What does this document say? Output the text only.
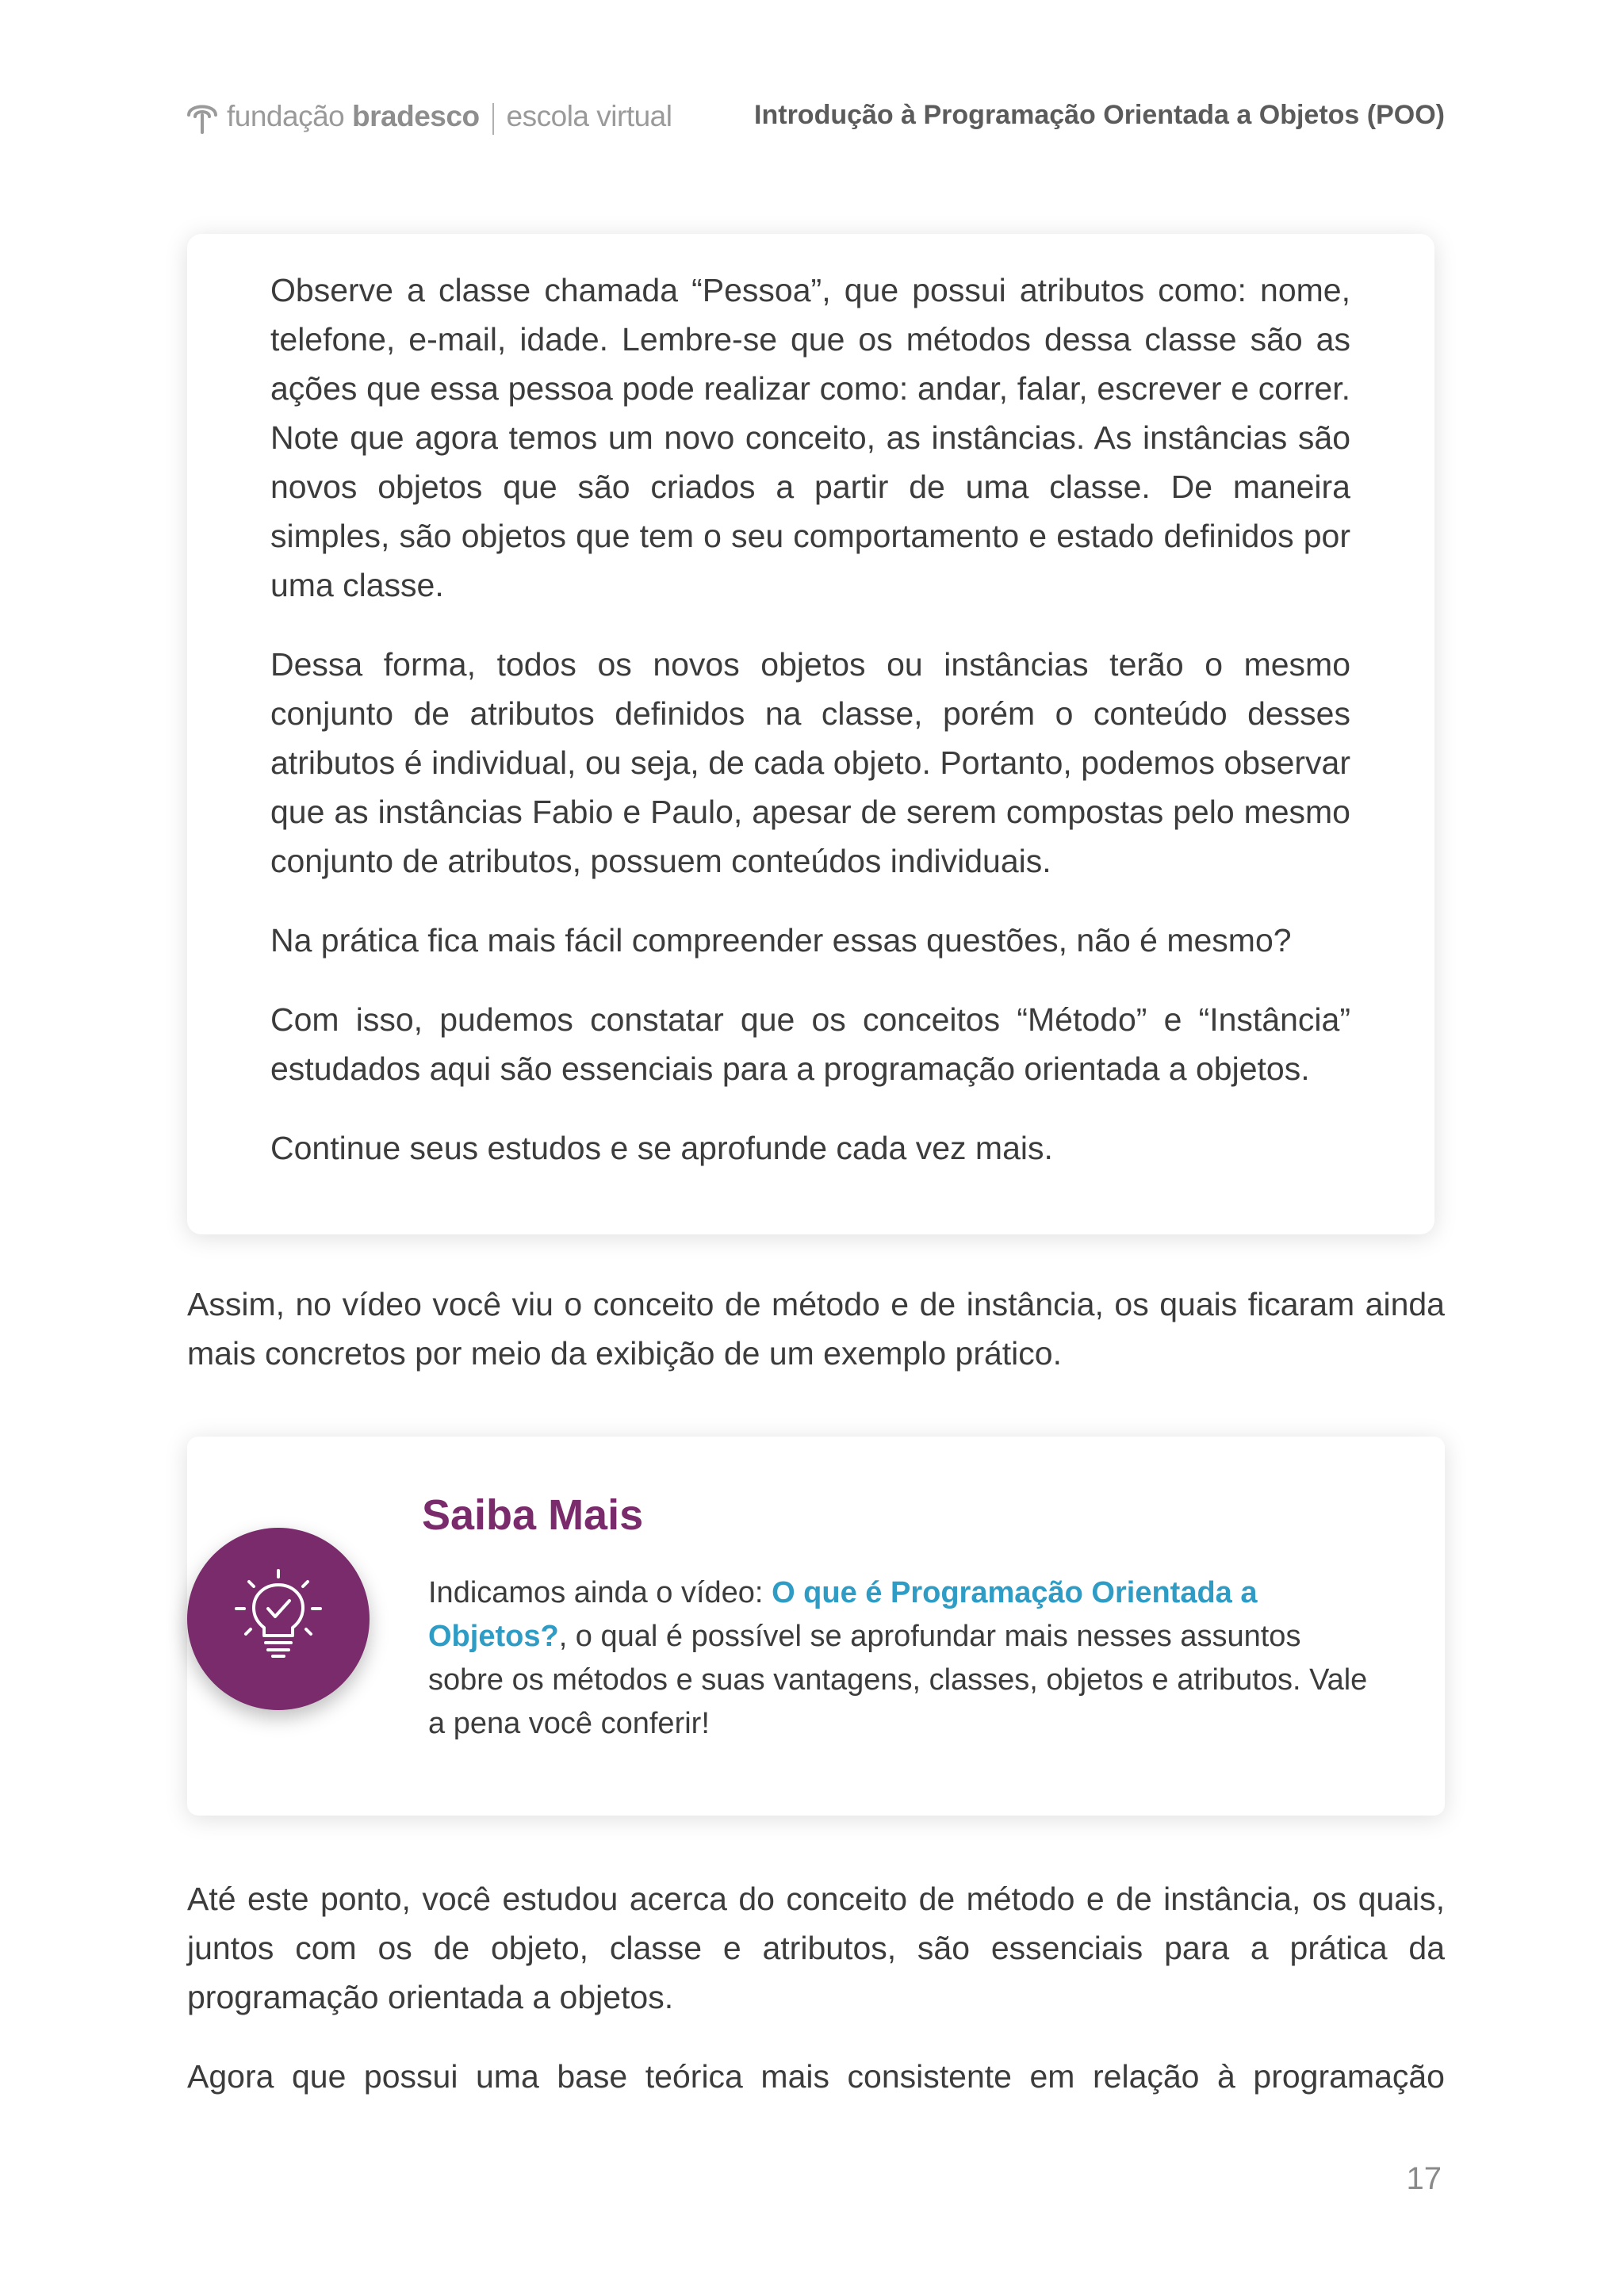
fundação bradesco escola virtual	Introdução à Programação Orientada a Objetos (POO)

Observe a classe chamada “Pessoa”, que possui atributos como: nome, telefone, e-mail, idade. Lembre-se que os métodos dessa classe são as ações que essa pessoa pode realizar como: andar, falar, escrever e correr. Note que agora temos um novo conceito, as instâncias. As instâncias são novos objetos que são criados a partir de uma classe. De maneira simples, são objetos que tem o seu comportamento e estado definidos por uma classe.

Dessa forma, todos os novos objetos ou instâncias terão o mesmo conjunto de atributos definidos na classe, porém o conteúdo desses atributos é individual, ou seja, de cada objeto. Portanto, podemos observar que as instâncias Fabio e Paulo, apesar de serem compostas pelo mesmo conjunto de atributos, possuem conteúdos individuais.

Na prática fica mais fácil compreender essas questões, não é mesmo?

Com isso, pudemos constatar que os conceitos “Método” e “Instância” estudados aqui são essenciais para a programação orientada a objetos.

Continue seus estudos e se aprofunde cada vez mais.

Assim, no vídeo você viu o conceito de método e de instância, os quais ficaram ainda mais concretos por meio da exibição de um exemplo prático.

Saiba Mais
Indicamos ainda o vídeo: O que é Programação Orientada a Objetos?, o qual é possível se aprofundar mais nesses assuntos sobre os métodos e suas vantagens, classes, objetos e atributos. Vale a pena você conferir!

Até este ponto, você estudou acerca do conceito de método e de instância, os quais, juntos com os de objeto, classe e atributos, são essenciais para a prática da programação orientada a objetos.

Agora que possui uma base teórica mais consistente em relação à programação

17
